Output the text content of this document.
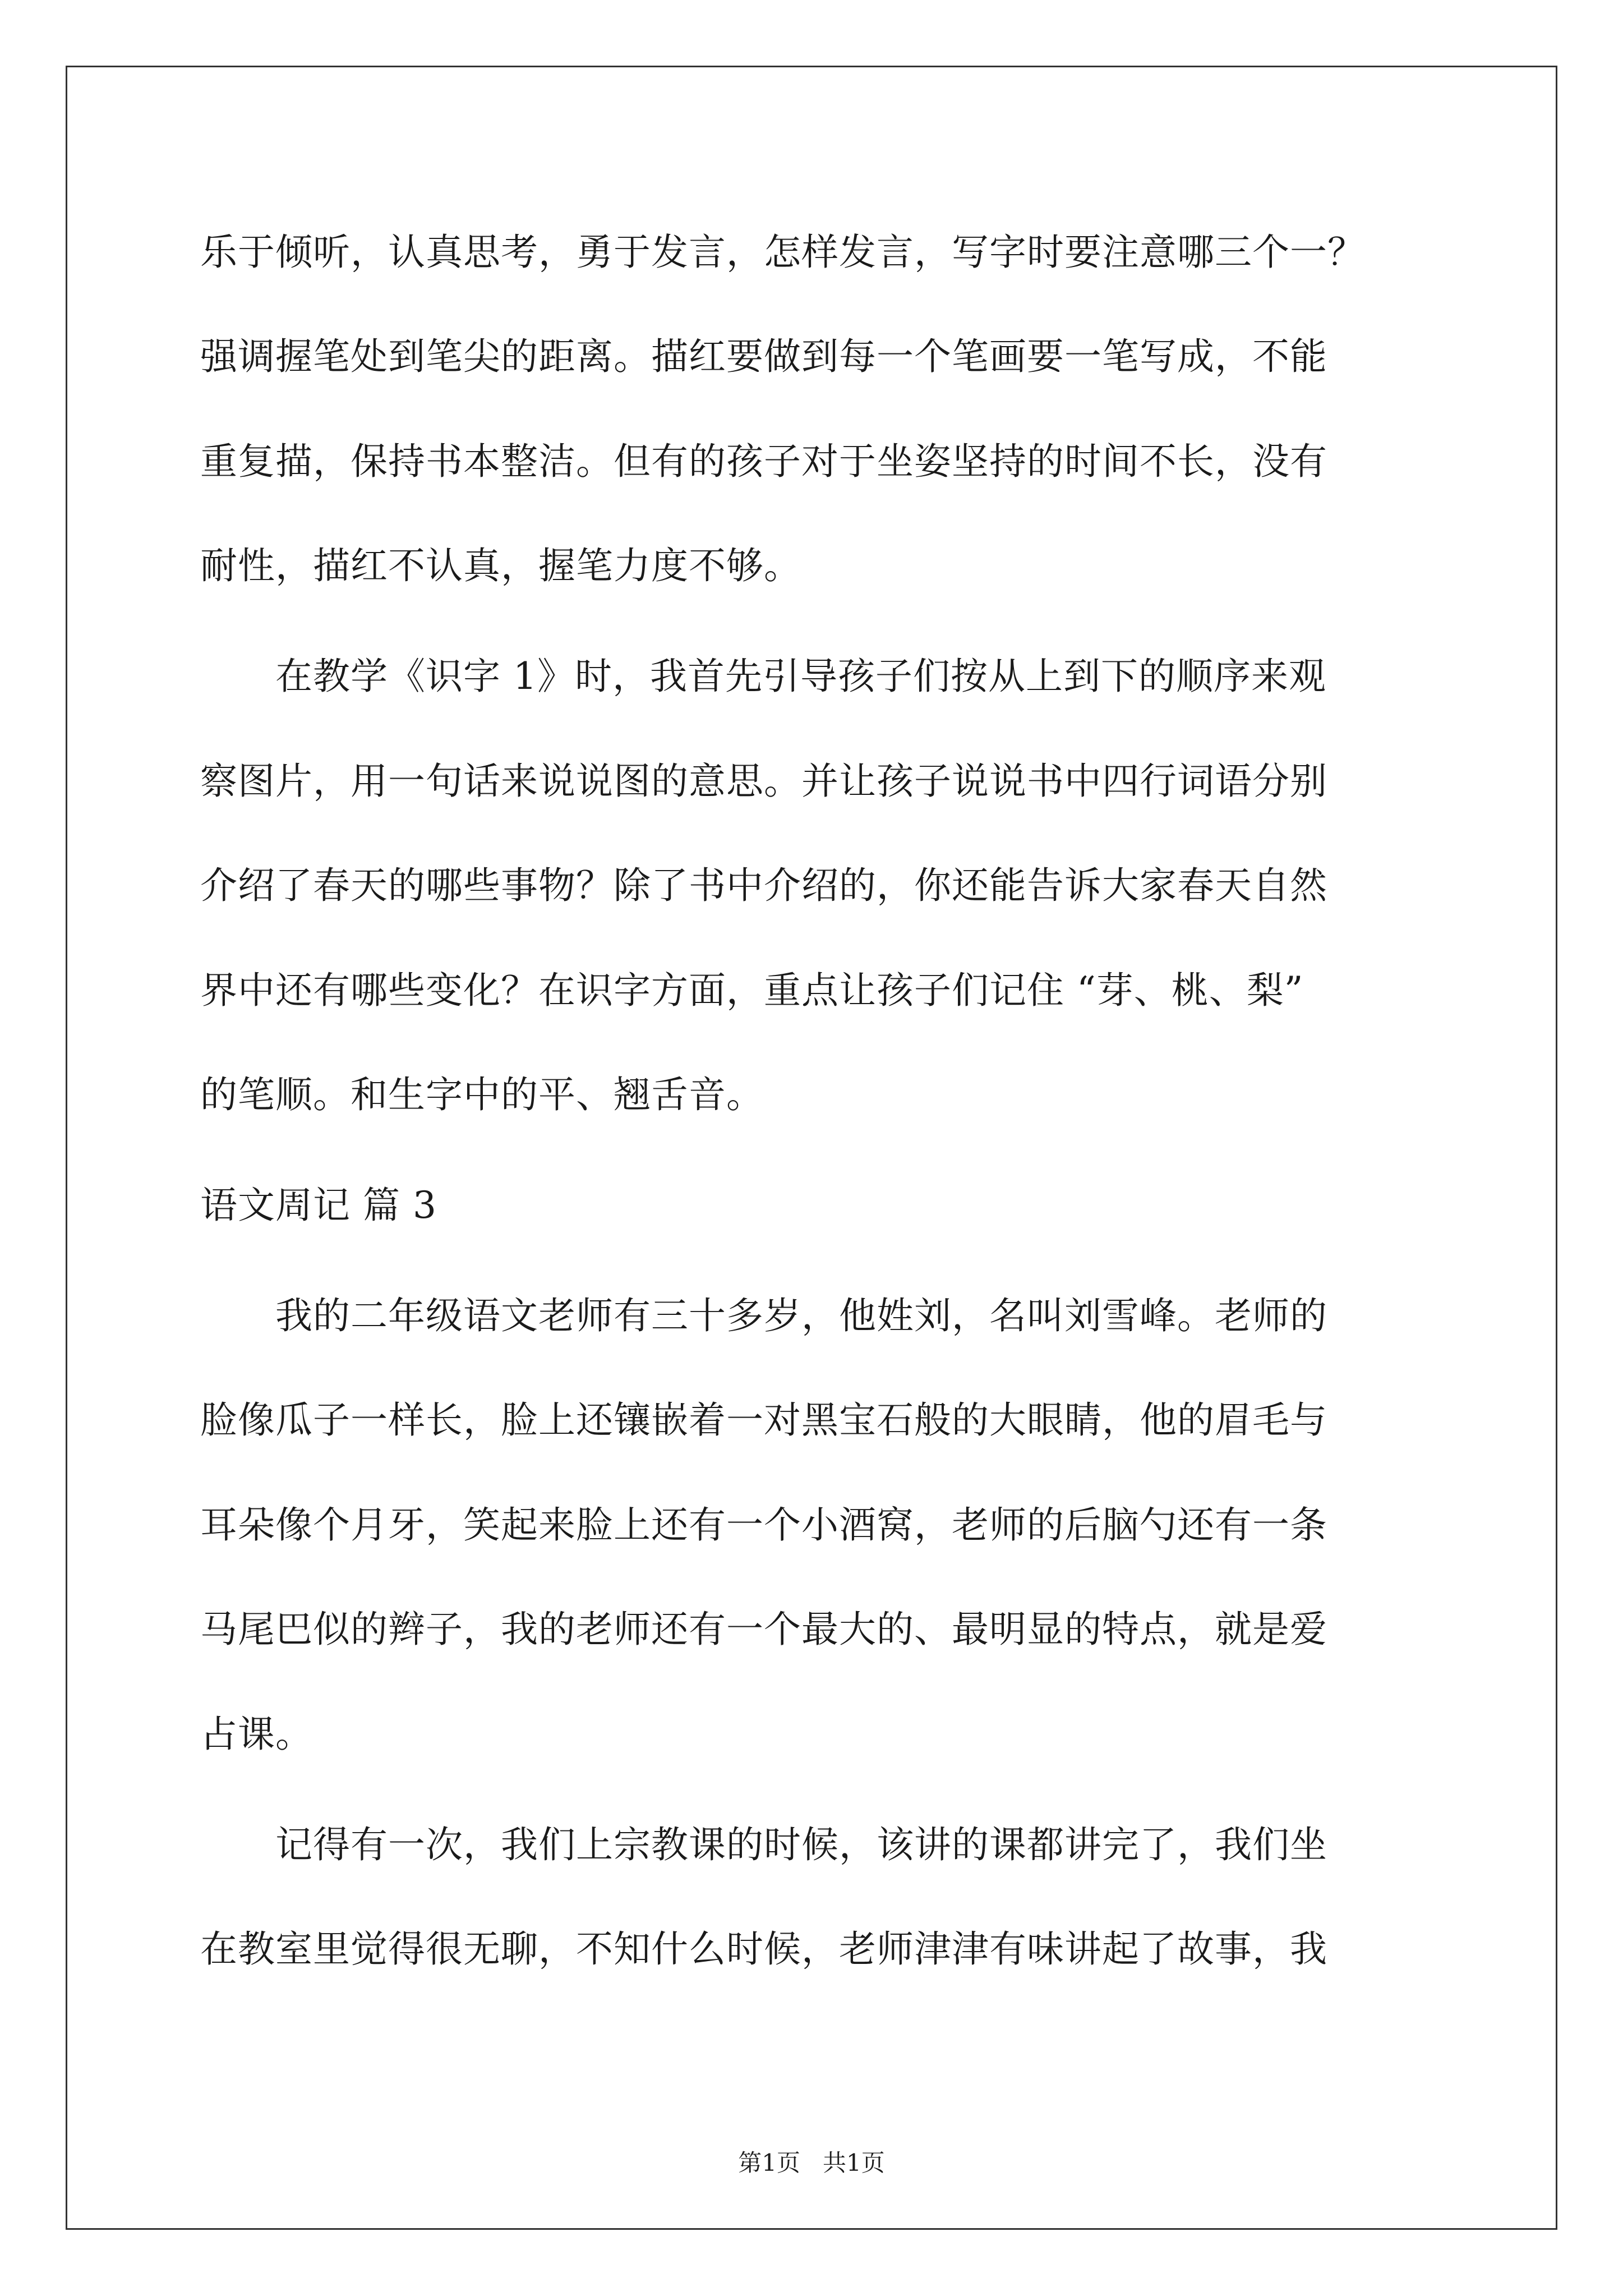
乐于倾听，认真思考，勇于发言，怎样发言，写字时要注意哪三个一？
强调握笔处到笔尖的距离。描红要做到每一个笔画要一笔写成，不能
重复描，保持书本整洁。但有的孩子对于坐姿坚持的时间不长，没有
耐性，描红不认真，握笔力度不够。
　　在教学《识字 1》时，我首先引导孩子们按从上到下的顺序来观
察图片，用一句话来说说图的意思。并让孩子说说书中四行词语分别
介绍了春天的哪些事物？除了书中介绍的，你还能告诉大家春天自然
界中还有哪些变化？在识字方面，重点让孩子们记住 “芽、桃、梨”
的笔顺。和生字中的平、翘舌音。
语文周记 篇 3
　　我的二年级语文老师有三十多岁，他姓刘，名叫刘雪峰。老师的
脸像瓜子一样长，脸上还镶嵌着一对黑宝石般的大眼睛，他的眉毛与
耳朵像个月牙，笑起来脸上还有一个小酒窝，老师的后脑勺还有一条
马尾巴似的辫子，我的老师还有一个最大的、最明显的特点，就是爱
占课。
　　记得有一次，我们上宗教课的时候，该讲的课都讲完了，我们坐
在教室里觉得很无聊，不知什么时候，老师津津有味讲起了故事，我
第1页   共1页
